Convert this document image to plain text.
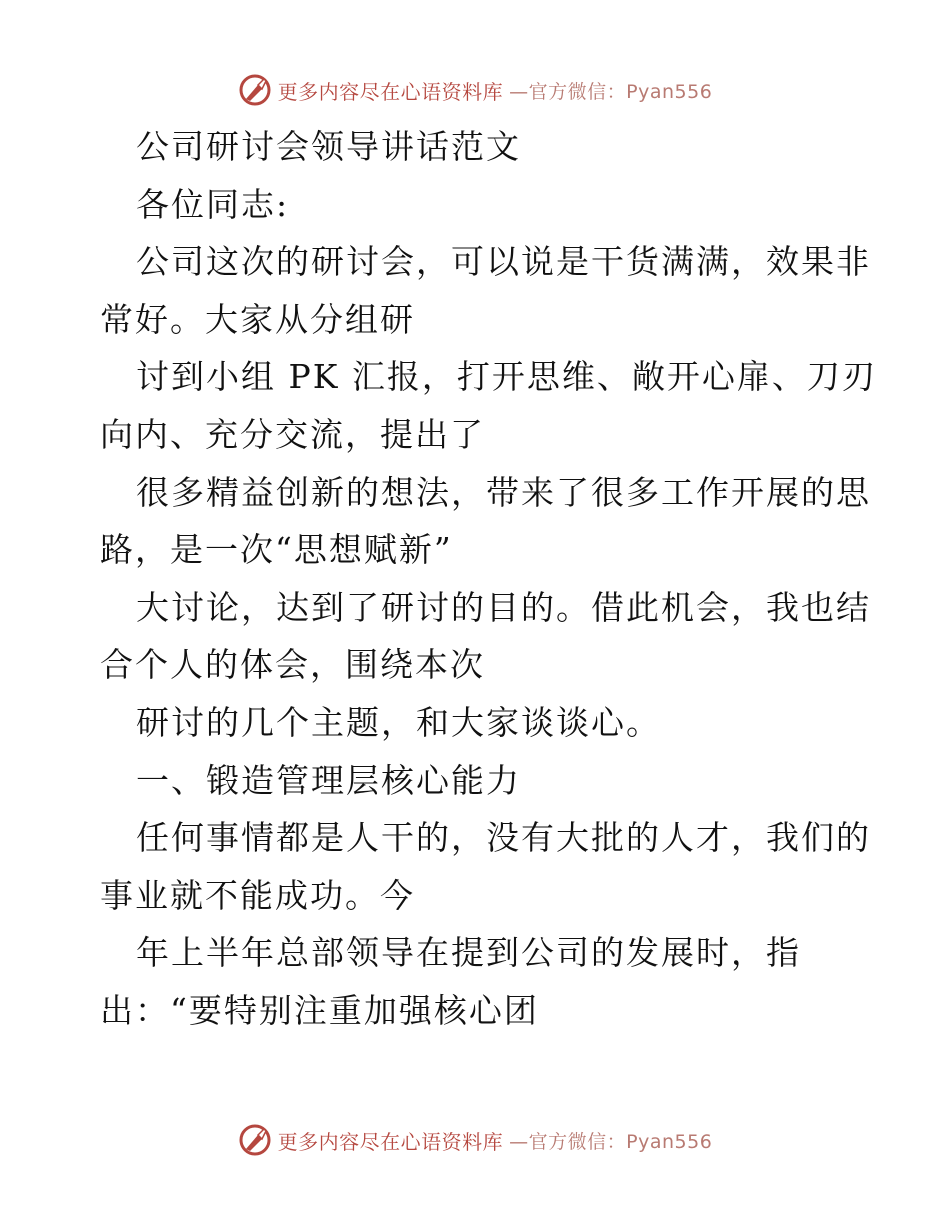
更多内容尽在心语资料库 —官方微信：Pyan556

公司研讨会领导讲话范文

各位同志:

公司这次的研讨会，可以说是干货满满，效果非

常好。大家从分组研

讨到小组 PK 汇报，打开思维、敞开心扉、刀刃

向内、充分交流，提出了

很多精益创新的想法，带来了很多工作开展的思

路，是一次“思想赋新”

大讨论，达到了研讨的目的。借此机会，我也结

合个人的体会，围绕本次

研讨的几个主题，和大家谈谈心。

一、锻造管理层核心能力

任何事情都是人干的，没有大批的人才，我们的

事业就不能成功。今

年上半年总部领导在提到公司的发展时，指

出：“要特别注重加强核心团

更多内容尽在心语资料库 —官方微信：Pyan556
